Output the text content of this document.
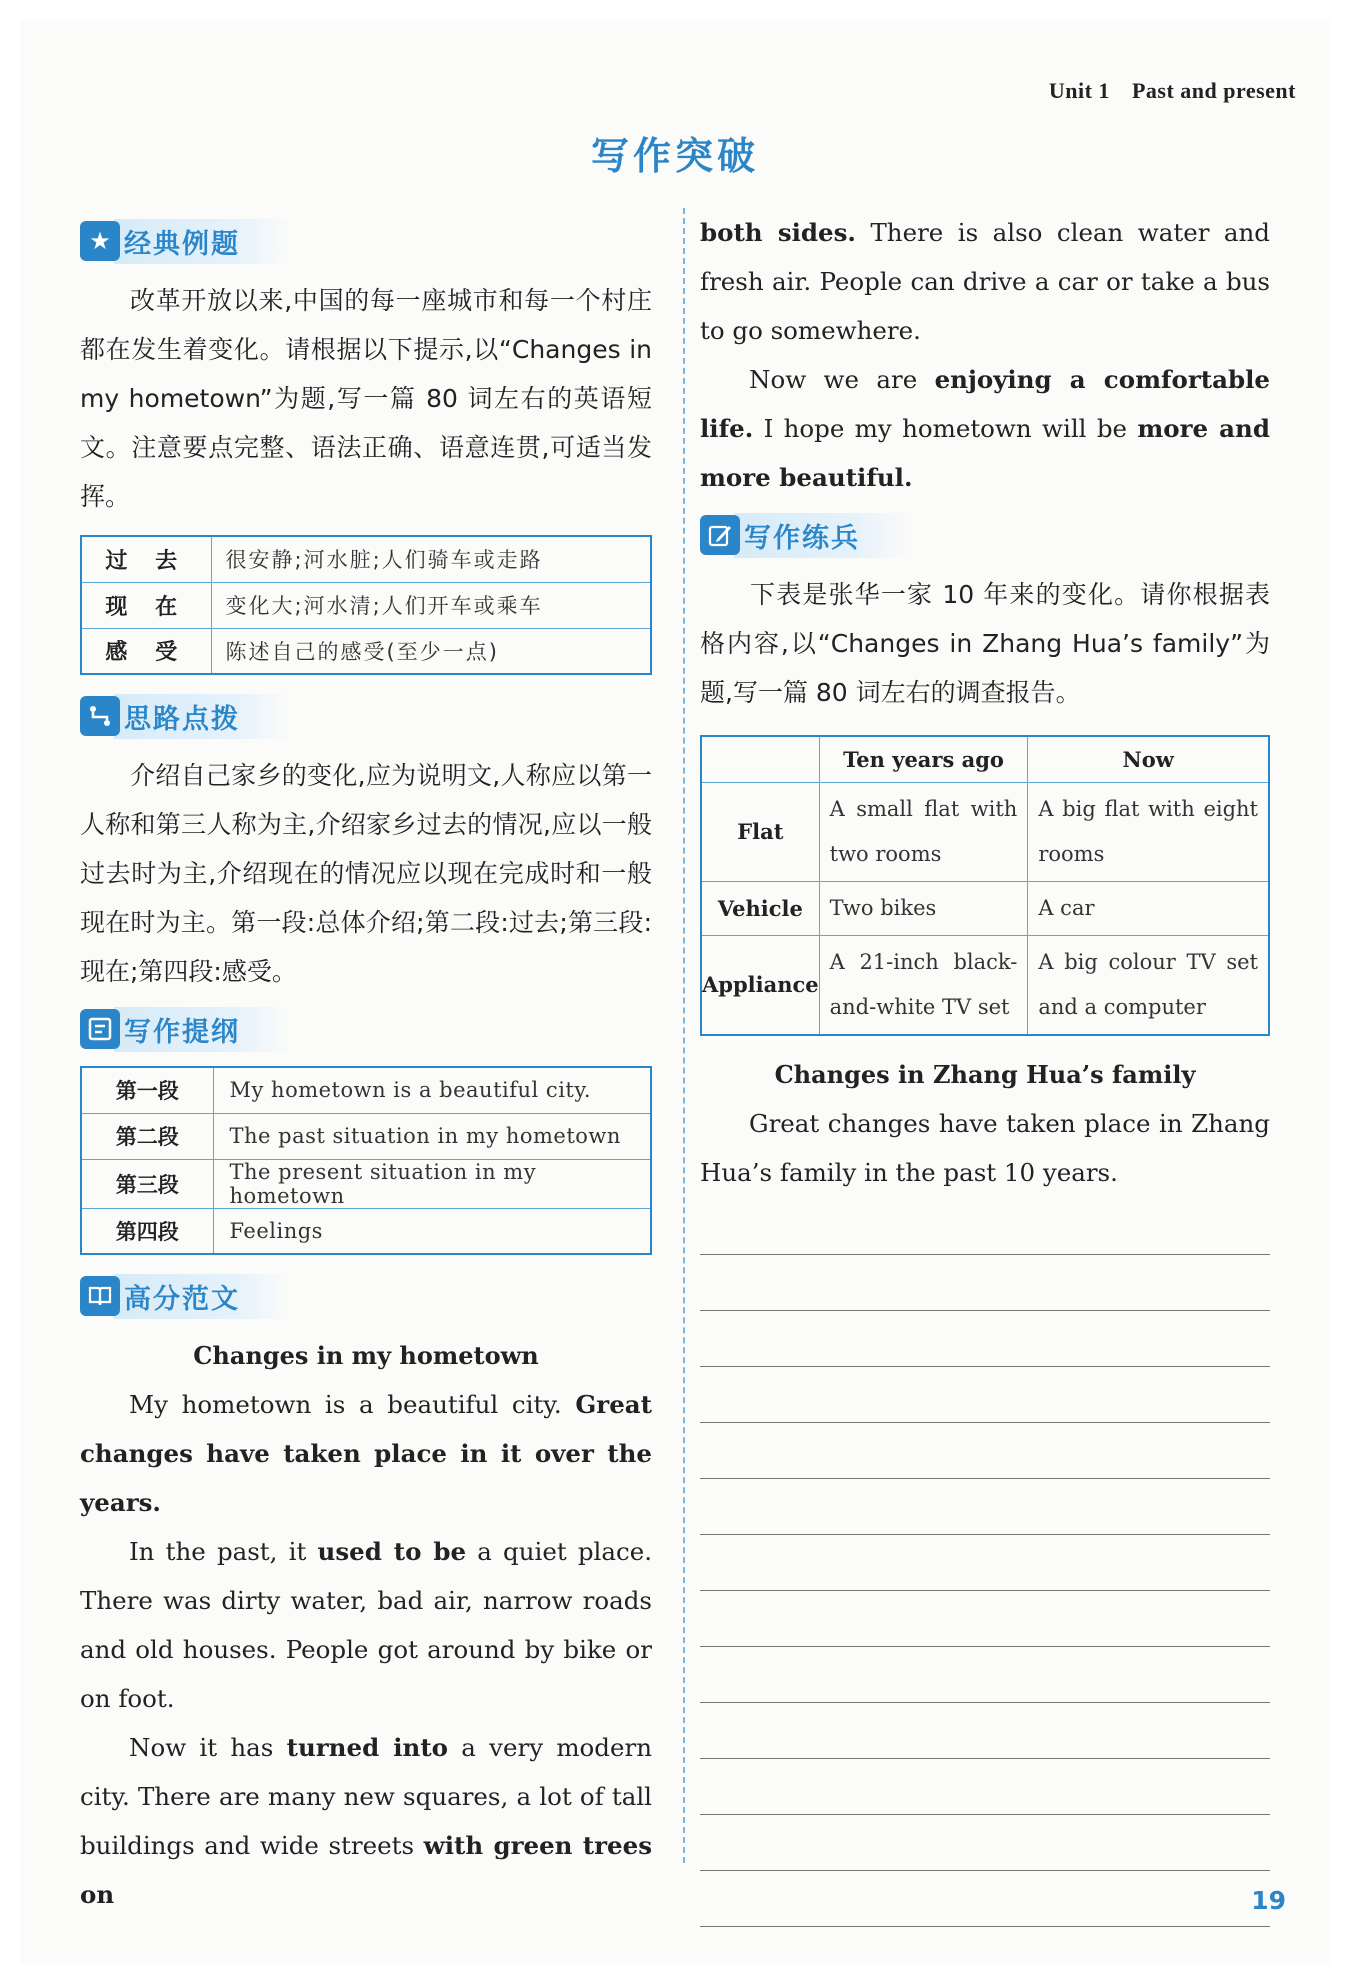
Unit 1 Past and present
写作突破
★ 经典例题

改革开放以来,中国的每一座城市和每一个村庄都在发生着变化。请根据以下提示,以“Changes in my hometown”为题,写一篇 80 词左右的英语短文。注意要点完整、语法正确、语意连贯,可适当发挥。

过 去	很安静;河水脏;人们骑车或走路
现 在	变化大;河水清;人们开车或乘车
感 受	陈述自己的感受(至少一点)
思路点拨

介绍自己家乡的变化,应为说明文,人称应以第一人称和第三人称为主,介绍家乡过去的情况,应以一般过去时为主,介绍现在的情况应以现在完成时和一般现在时为主。第一段:总体介绍;第二段:过去;第三段:现在;第四段:感受。

写作提纲
第一段	My hometown is a beautiful city.
第二段	The past situation in my hometown
第三段	The present situation in my hometown
第四段	Feelings
高分范文
Changes in my hometown

My hometown is a beautiful city. Great changes have taken place in it over the years.

In the past, it used to be a quiet place. There was dirty water, bad air, narrow roads and old houses. People got around by bike or on foot.

Now it has turned into a very modern city. There are many new squares, a lot of tall buildings and wide streets with green trees on

both sides. There is also clean water and fresh air. People can drive a car or take a bus to go somewhere.

Now we are enjoying a comfortable life. I hope my hometown will be more and more beautiful.

写作练兵

下表是张华一家 10 年来的变化。请你根据表格内容,以“Changes in Zhang Hua’s family”为题,写一篇 80 词左右的调查报告。

	Ten years ago	Now
Flat	A small flat with two rooms	A big flat with eight rooms
Vehicle	Two bikes	A car
Appliance	A 21-inch black-and-white TV set	A big colour TV set and a computer
Changes in Zhang Hua’s family

Great changes have taken place in Zhang Hua’s family in the past 10 years.

19
